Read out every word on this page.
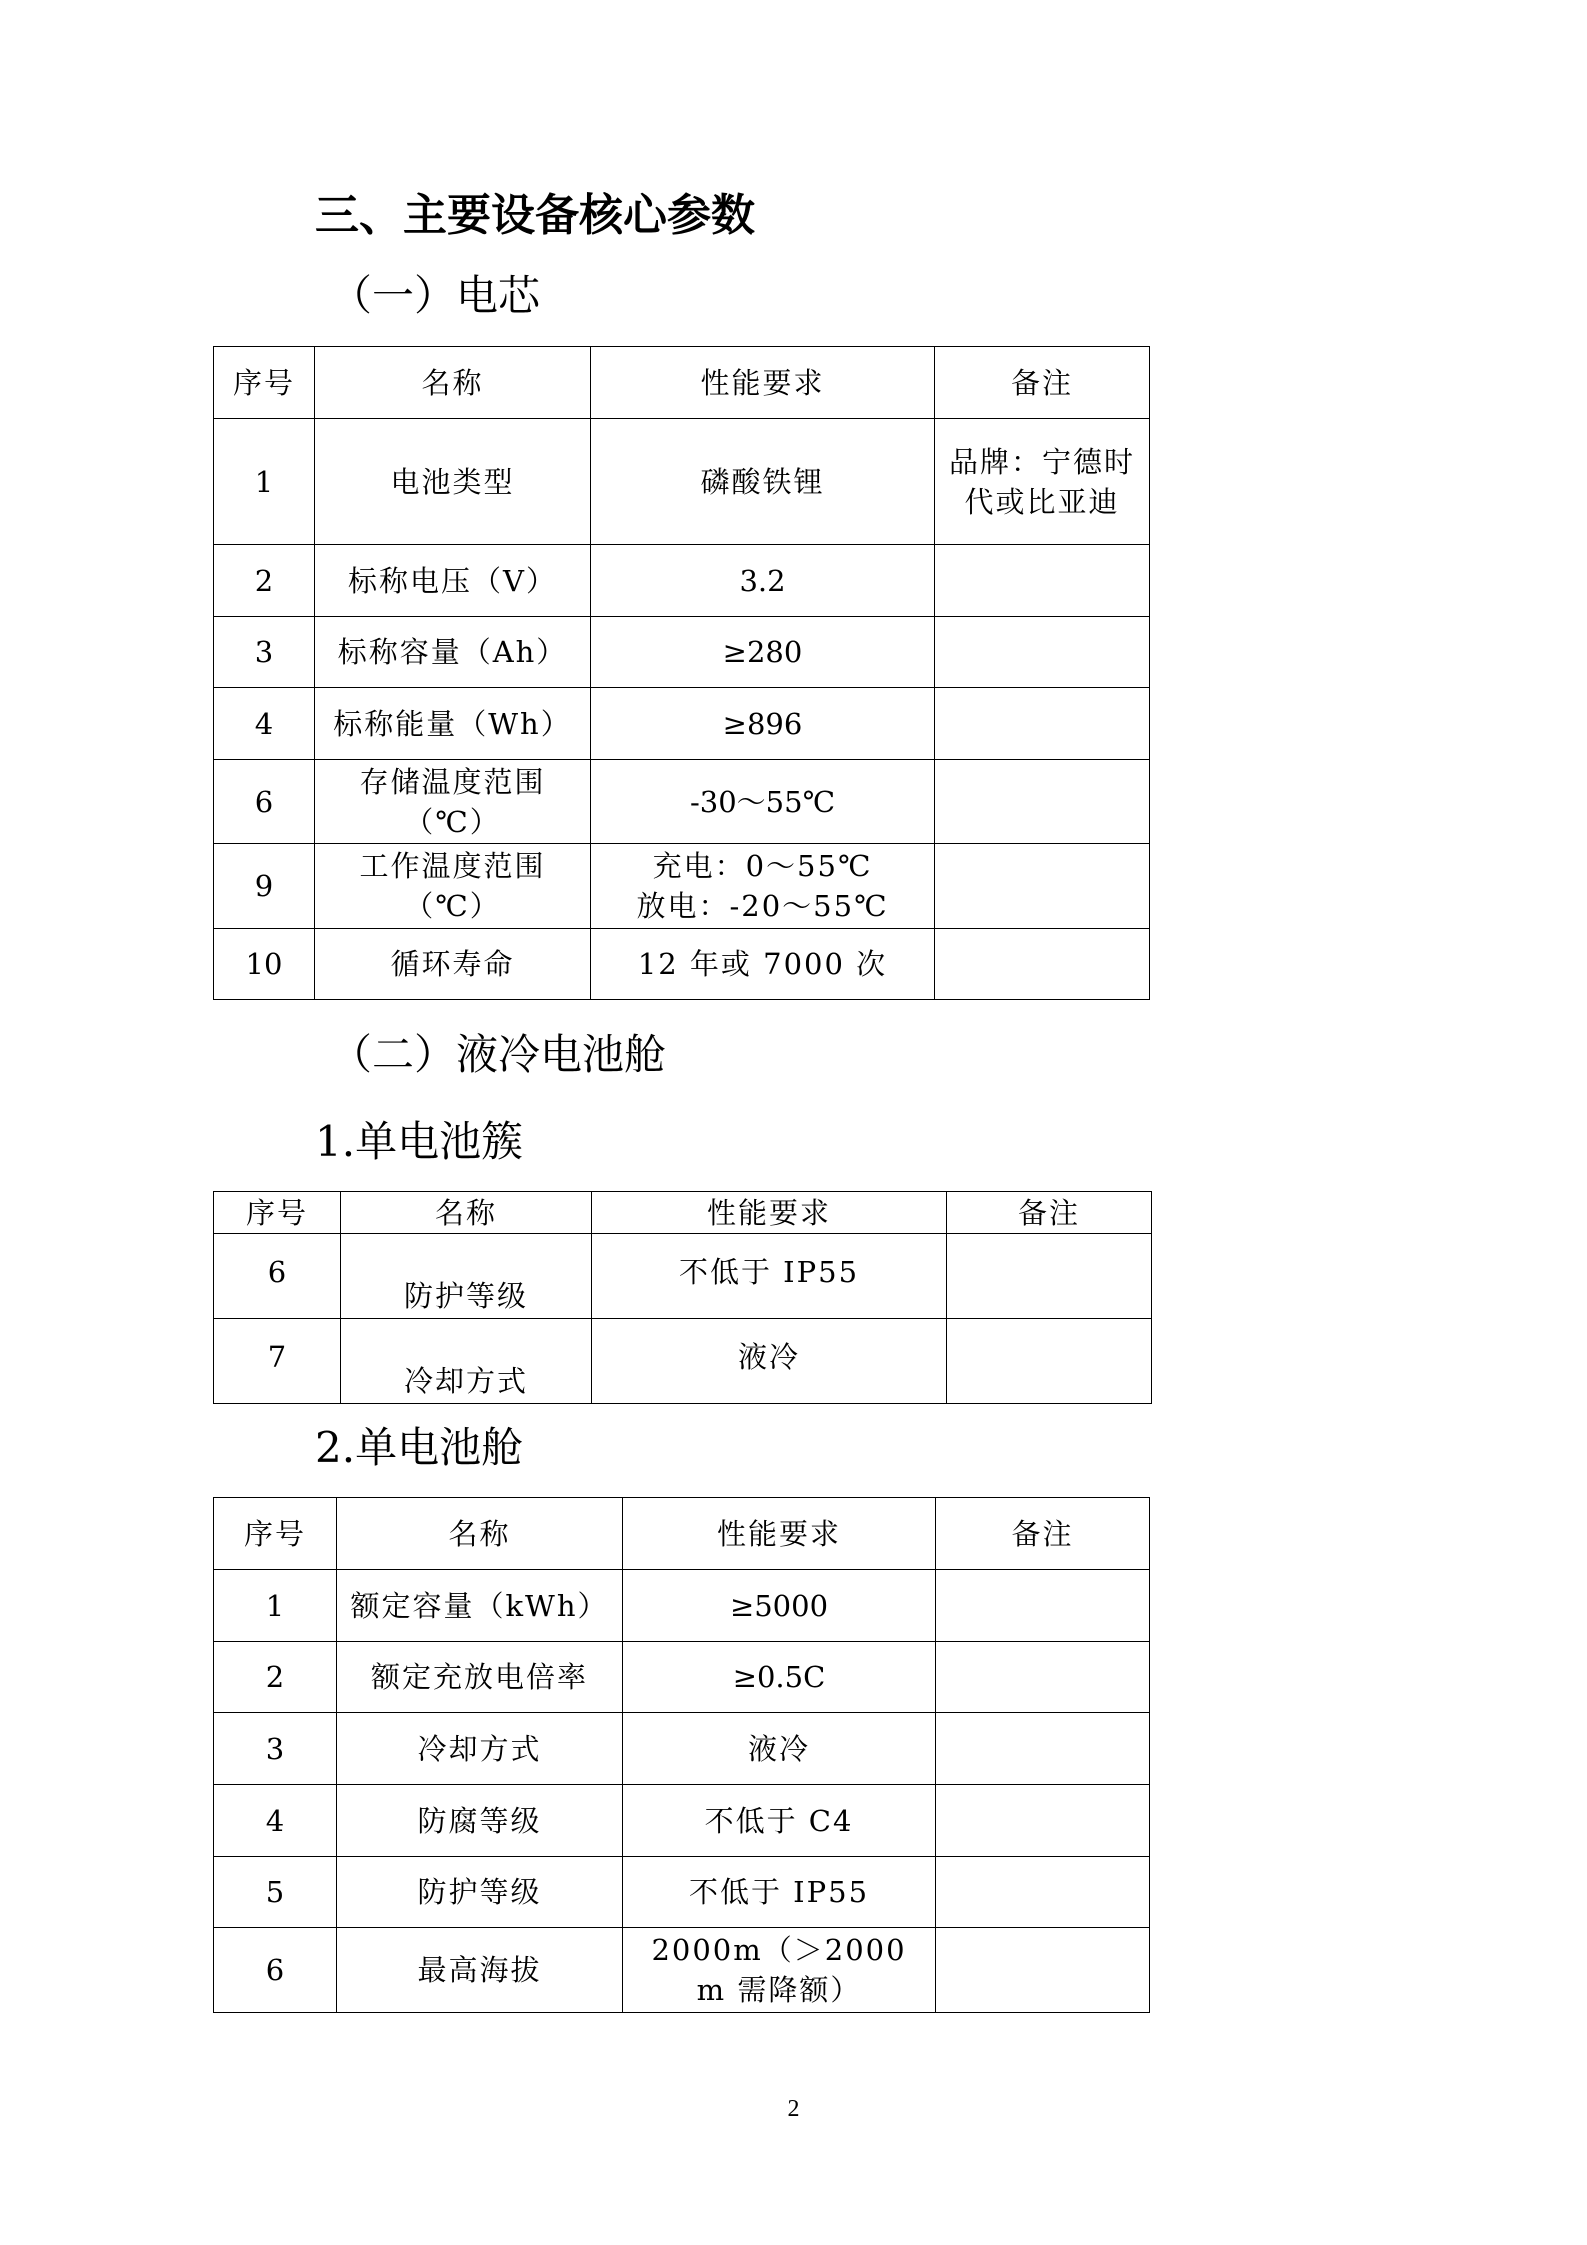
三、主要设备核心参数
（一）电芯
序号	名称	性能要求	备注
1	电池类型	磷酸铁锂	品牌：宁德时代或比亚迪
2	标称电压（V）	3.2	
3	标称容量（Ah）	≥280	
4	标称能量（Wh）	≥896	
6	存储温度范围（℃）	-30～55℃	
9	工作温度范围（℃）	充电：0～55℃
放电：-20～55℃	

10	循环寿命	12 年或 7000 次	
（二）液冷电池舱
1.单电池簇
序号	名称	性能要求	备注
6	防护等级	不低于 IP55	
7	冷却方式	液冷	
2.单电池舱
序号	名称	性能要求	备注
1	额定容量（kWh）	≥5000	
2	额定充放电倍率	≥0.5C	
3	冷却方式	液冷	
4	防腐等级	不低于 C4	
5	防护等级	不低于 IP55	
6	最高海拔	2000m（＞2000m 需降额）	
2
